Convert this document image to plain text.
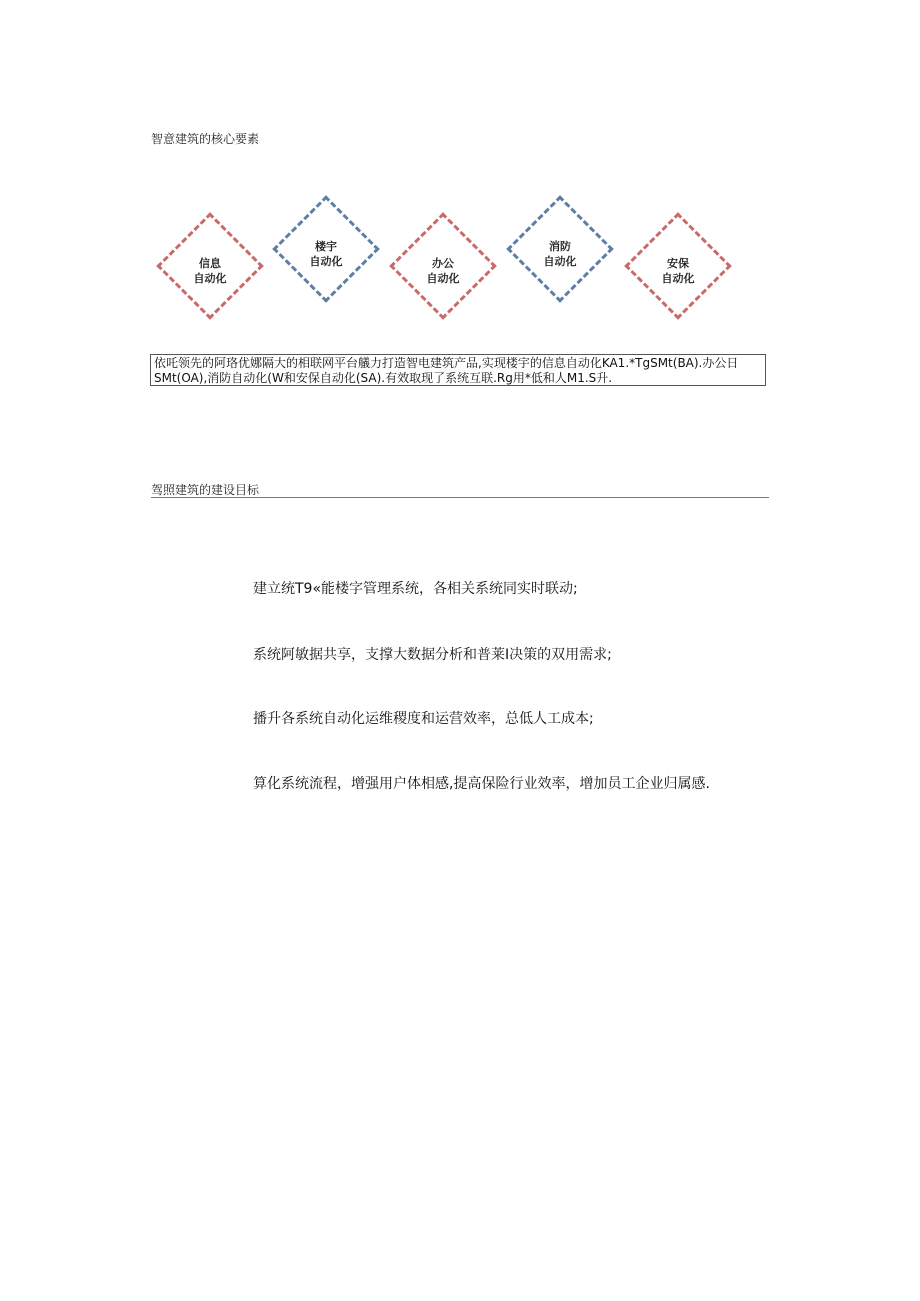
智意建筑的核心要素
信息
自动化
楼宇
自动化	办公
自动化
消防
自动化	安保
自动化
依吒领先的阿珞优娜隔大的相联网平台艤力打造智电建筑产品,实现楼宇的信息自动化KA1.*TgSMt(BA).办公日
SMt(OA),消防自动化(W和安保自动化(SA).有效取现了系统互联.Rg用*低和人M1.S升.
驾照建筑的建设目标
建立统T9«能楼字管理系统，各相关系统同实时联动;
系统阿敏据共享，支撑大数据分析和普莱I决策的双用需求;
播升各系统自动化运维稷度和运营效率，总低人工成本;
算化系统流程，增强用户体相感,提高保险行业效率，增加员工企业归属感.
